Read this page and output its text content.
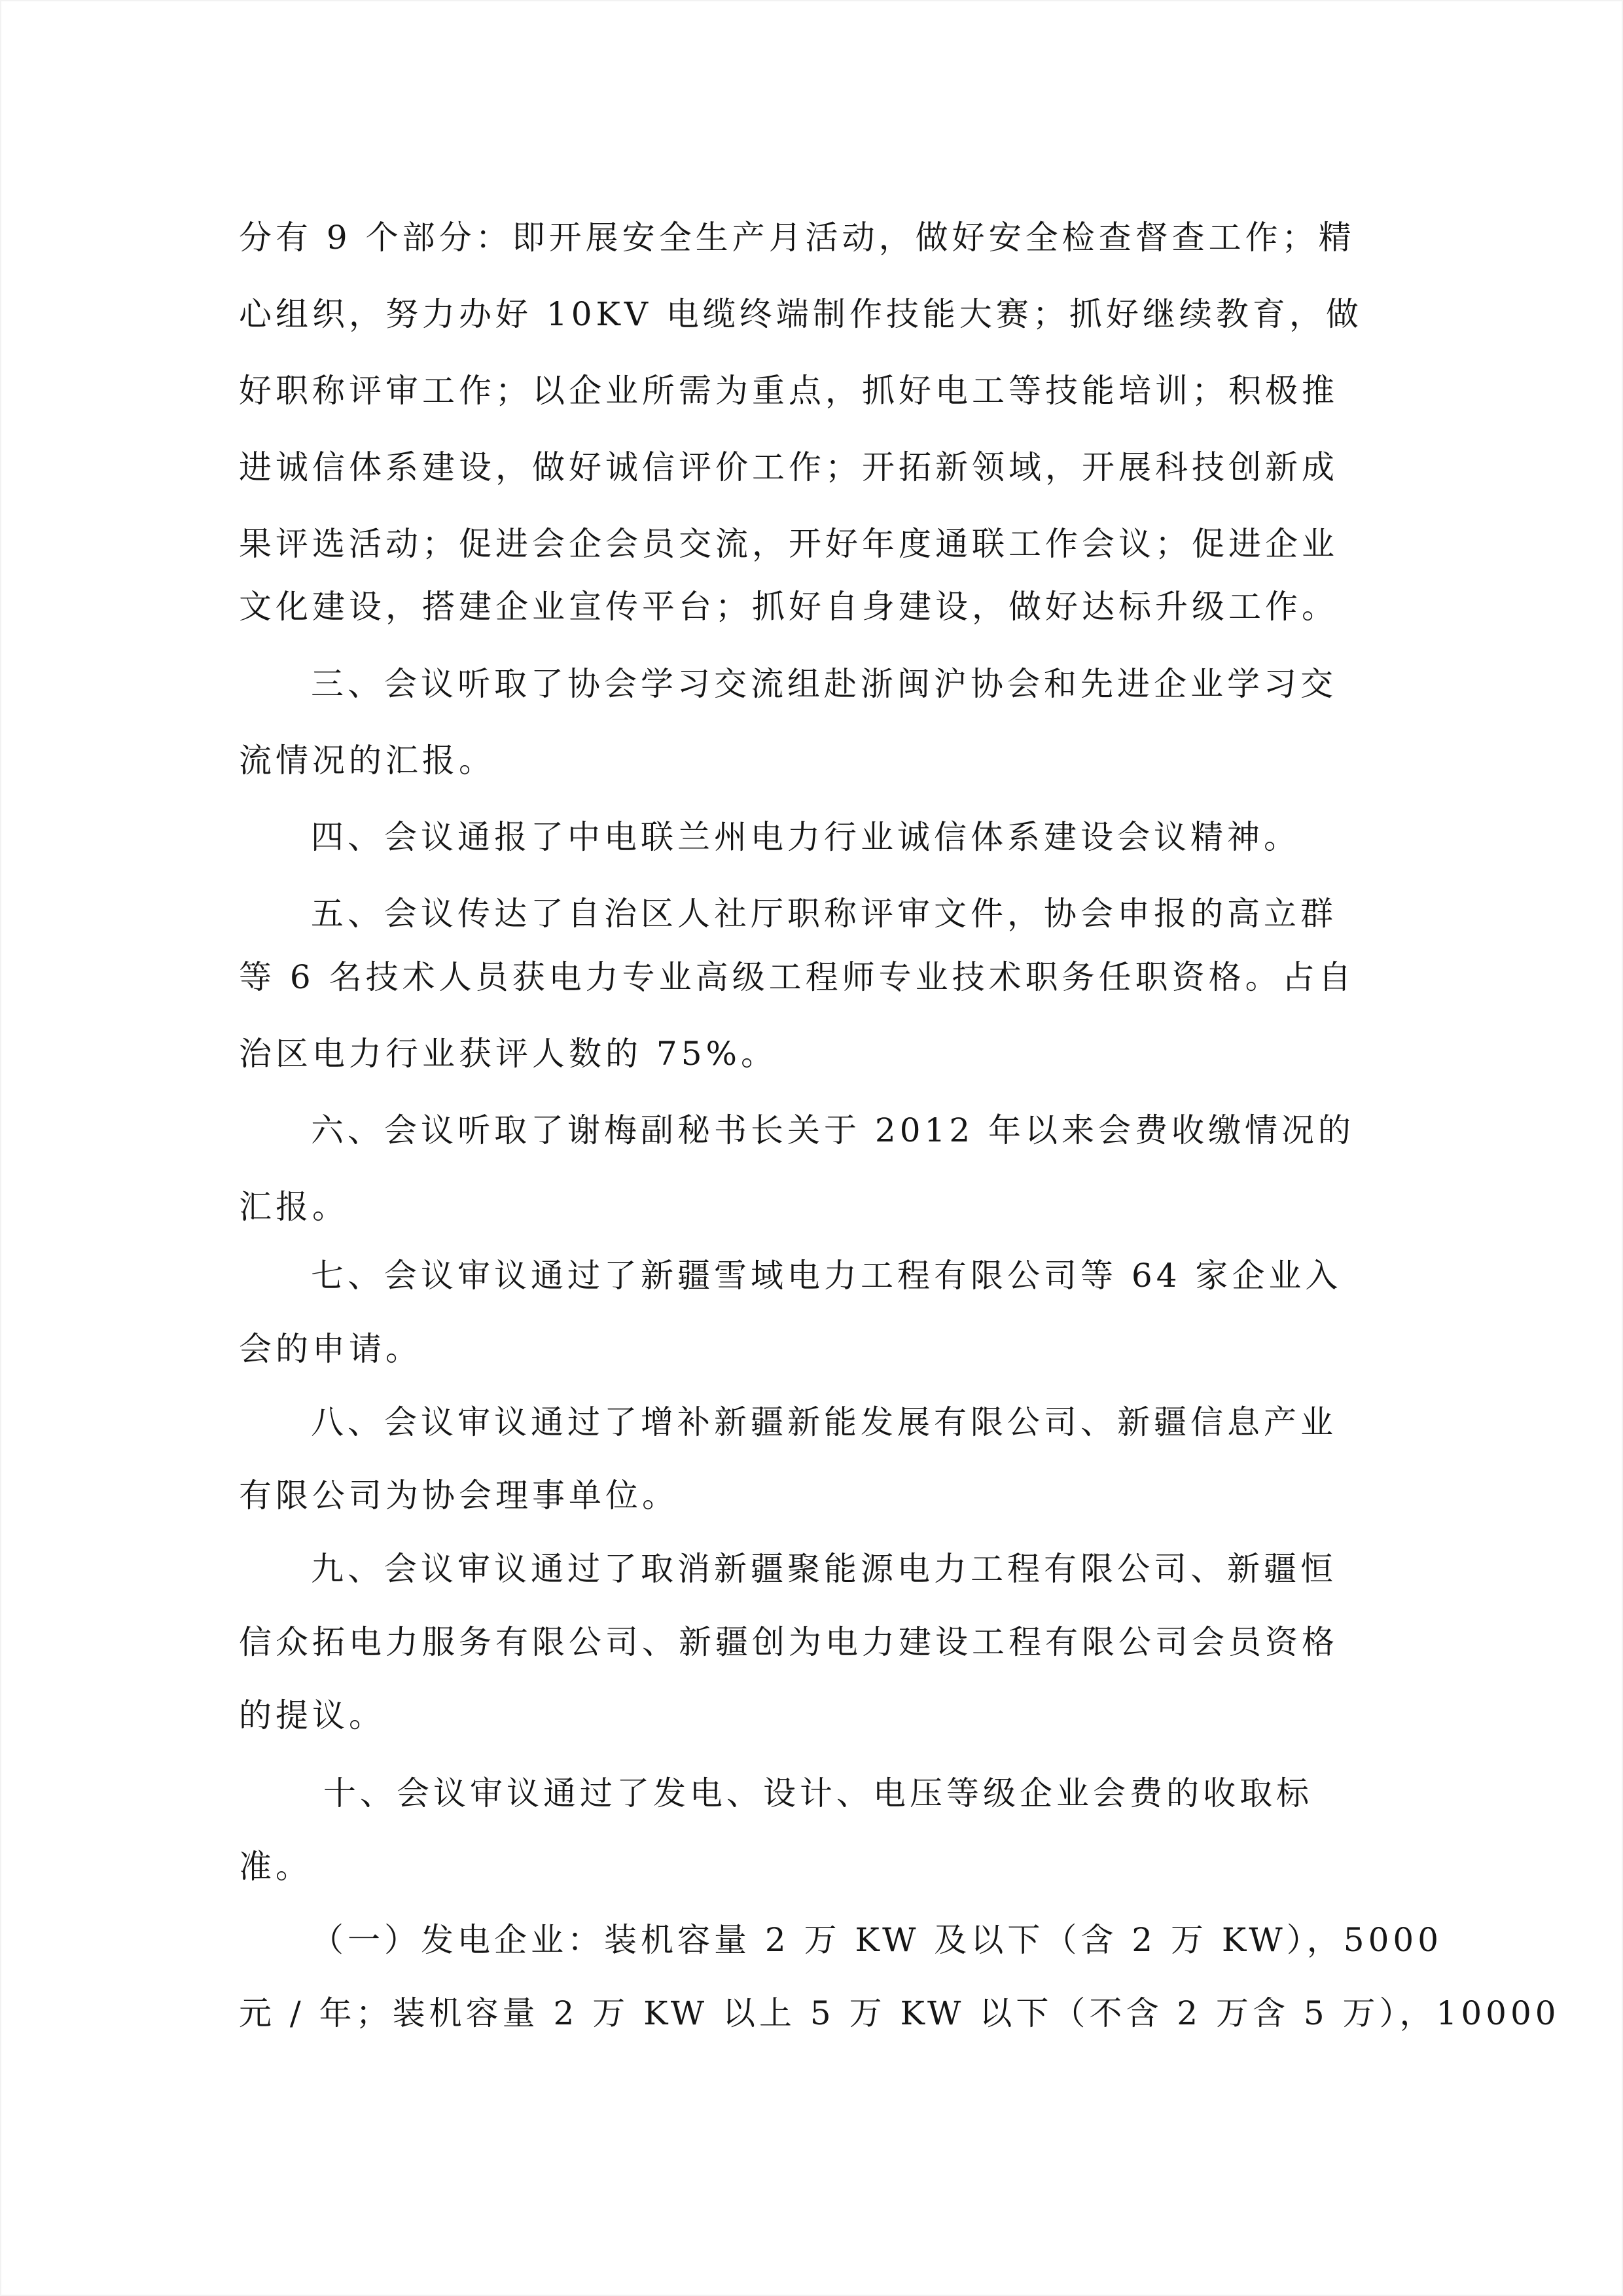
分有 9 个部分：即开展安全生产月活动，做好安全检查督查工作；精

心组织，努力办好 10KV 电缆终端制作技能大赛；抓好继续教育，做

好职称评审工作；以企业所需为重点，抓好电工等技能培训；积极推

进诚信体系建设，做好诚信评价工作；开拓新领域，开展科技创新成

果评选活动；促进会企会员交流，开好年度通联工作会议；促进企业

文化建设，搭建企业宣传平台；抓好自身建设，做好达标升级工作。

三、会议听取了协会学习交流组赴浙闽沪协会和先进企业学习交

流情况的汇报。

四、会议通报了中电联兰州电力行业诚信体系建设会议精神。

五、会议传达了自治区人社厅职称评审文件，协会申报的高立群

等 6 名技术人员获电力专业高级工程师专业技术职务任职资格。占自

治区电力行业获评人数的 75%。

六、会议听取了谢梅副秘书长关于 2012 年以来会费收缴情况的

汇报。

七、会议审议通过了新疆雪域电力工程有限公司等 64 家企业入

会的申请。

八、会议审议通过了增补新疆新能发展有限公司、新疆信息产业

有限公司为协会理事单位。

九、会议审议通过了取消新疆聚能源电力工程有限公司、新疆恒

信众拓电力服务有限公司、新疆创为电力建设工程有限公司会员资格

的提议。

十、会议审议通过了发电、设计、电压等级企业会费的收取标

准。

（一）发电企业：装机容量 2 万 KW 及以下（含 2 万 KW），5000

元 / 年；装机容量 2 万 KW 以上 5 万 KW 以下（不含 2 万含 5 万），10000
